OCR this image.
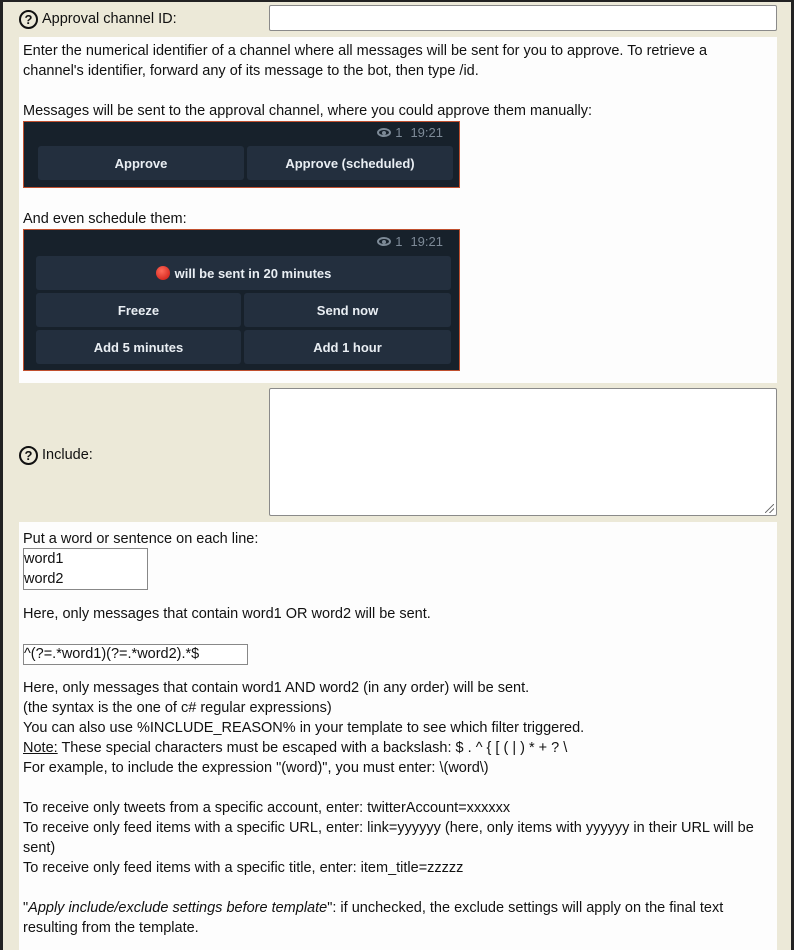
? Approval channel ID:

Enter the numerical identifier of a channel where all messages will be sent for you to approve. To retrieve a channel's identifier, forward any of its message to the bot, then type /id.

Messages will be sent to the approval channel, where you could approve them manually:

1 19:21
Approve	Approve (scheduled)

And even schedule them:

1 19:21
will be sent in 20 minutes
Freeze	Send now
Add 5 minutes	Add 1 hour
? Include:

Put a word or sentence on each line:

word1
word2

Here, only messages that contain word1 OR word2 will be sent.

^(?=.*word1)(?=.*word2).*$

Here, only messages that contain word1 AND word2 (in any order) will be sent.

(the syntax is the one of c# regular expressions)

You can also use %INCLUDE_REASON% in your template to see which filter triggered.

Note: These special characters must be escaped with a backslash: $ . ^ { [ ( | ) * + ? \

For example, to include the expression "(word)", you must enter: \(word\)

To receive only tweets from a specific account, enter: twitterAccount=xxxxxx

To receive only feed items with a specific URL, enter: link=yyyyyy (here, only items with yyyyyy in their URL will be sent)

To receive only feed items with a specific title, enter: item_title=zzzzz

"Apply include/exclude settings before template": if unchecked, the exclude settings will apply on the final text resulting from the template.
